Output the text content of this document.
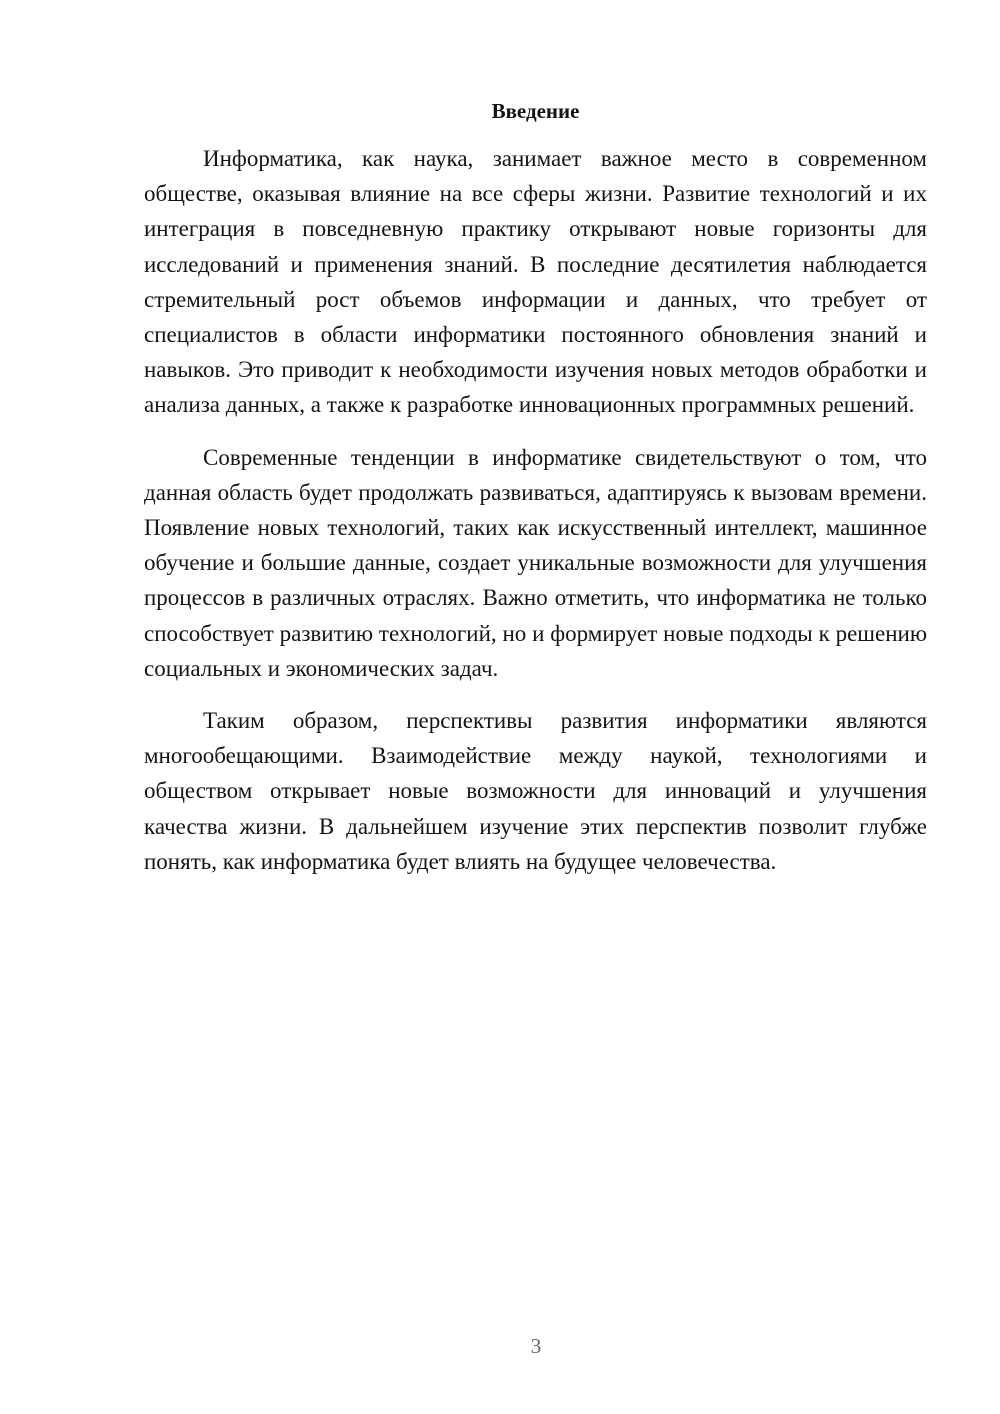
Введение

Информатика, как наука, занимает важное место в современном обществе, оказывая влияние на все сферы жизни. Развитие технологий и их интеграция в повседневную практику открывают новые горизонты для исследований и применения знаний. В последние десятилетия наблюдается стремительный рост объемов информации и данных, что требует от специалистов в области информатики постоянного обновления знаний и навыков. Это приводит к необходимости изучения новых методов обработки и анализа данных, а также к разработке инновационных программных решений.

Современные тенденции в информатике свидетельствуют о том, что данная область будет продолжать развиваться, адаптируясь к вызовам времени. Появление новых технологий, таких как искусственный интеллект, машинное обучение и большие данные, создает уникальные возможности для улучшения процессов в различных отраслях. Важно отметить, что информатика не только способствует развитию технологий, но и формирует новые подходы к решению социальных и экономических задач.

Таким образом, перспективы развития информатики являются многообещающими. Взаимодействие между наукой, технологиями и обществом открывает новые возможности для инноваций и улучшения качества жизни. В дальнейшем изучение этих перспектив позволит глубже понять, как информатика будет влиять на будущее человечества.

3
